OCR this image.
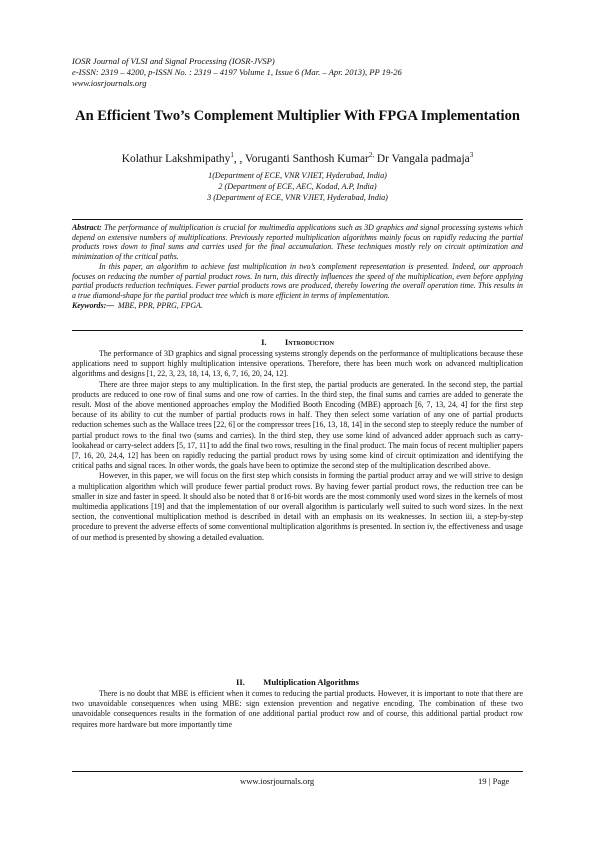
IOSR Journal of VLSI and Signal Processing (IOSR-JVSP)
e-ISSN: 2319 – 4200, p-ISSN No. : 2319 – 4197 Volume 1, Issue 6 (Mar. – Apr. 2013), PP 19-26
www.iosrjournals.org
An Efficient Two’s Complement Multiplier With FPGA Implementation
Kolathur Lakshmipathy$^1$, , Voruganti Santhosh Kumar$^{2,}$ Dr Vangala padmaja$^3$
1(Department of ECE, VNR VJIET, Hyderabad, India)
2 (Department of ECE, AEC, Kodad, A.P, India)
3 (Department of ECE, VNR VJIET, Hyderabad, India)

Abstract: The performance of multiplication is crucial for multimedia applications such as 3D graphics and signal processing systems which depend on extensive numbers of multiplications. Previously reported multiplication algorithms mainly focus on rapidly reducing the partial products rows down to final sums and carries used for the final accumulation. These techniques mostly rely on circuit optimization and minimization of the critical paths.

In this paper, an algorithm to achieve fast multiplication in two’s complement representation is presented. Indeed, our approach focuses on reducing the number of partial product rows. In turn, this directly influences the speed of the multiplication, even before applying partial products reduction techniques. Fewer partial products rows are produced, thereby lowering the overall operation time. This results in a true diamond-shape for the partial product tree which is more efficient in terms of implementation.

Keywords:— MBE, PPR, PPRG, FPGA.

I. Introduction

The performance of 3D graphics and signal processing systems strongly depends on the performance of multiplications because these applications need to support highly multiplication intensive operations. Therefore, there has been much work on advanced multiplication algorithms and designs [1, 22, 3, 23, 18, 14, 13, 6, 7, 16, 20, 24, 12].

There are three major steps to any multiplication. In the first step, the partial products are generated. In the second step, the partial products are reduced to one row of final sums and one row of carries. In the third step, the final sums and carries are added to generate the result. Most of the above mentioned approaches employ the Modified Booth Encoding (MBE) approach [6, 7, 13, 24, 4] for the first step because of its ability to cut the number of partial products rows in half. They then select some variation of any one of partial products reduction schemes such as the Wallace trees [22, 6] or the compressor trees [16, 13, 18, 14] in the second step to steeply reduce the number of partial product rows to the final two (sums and carries). In the third step, they use some kind of advanced adder approach such as carry-lookahead or carry-select adders [5, 17, 11] to add the final two rows, resulting in the final product. The main focus of recent multiplier papers [7, 16, 20, 24,4, 12] has been on rapidly reducing the partial product rows by using some kind of circuit optimization and identifying the critical paths and signal races. In other words, the goals have been to optimize the second step of the multiplication described above.

However, in this paper, we will focus on the first step which consists in forming the partial product array and we will strive to design a multiplication algorithm which will produce fewer partial product rows. By having fewer partial product rows, the reduction tree can be smaller in size and faster in speed. It should also be noted that 8 or16-bit words are the most commonly used word sizes in the kernels of most multimedia applications [19] and that the implementation of our overall algorithm is particularly well suited to such word sizes. In the next section, the conventional multiplication method is described in detail with an emphasis on its weaknesses. In section iii, a step-by-step procedure to prevent the adverse effects of some conventional multiplication algorithms is presented. In section iv, the effectiveness and usage of our method is presented by showing a detailed evaluation.

II. Multiplication Algorithms

There is no doubt that MBE is efficient when it comes to reducing the partial products. However, it is important to note that there are two unavoidable consequences when using MBE: sign extension prevention and negative encoding. The combination of these two unavoidable consequences results in the formation of one additional partial product row and of course, this additional partial product row requires more hardware but more importantly time

www.iosrjournals.org	19 | Page
